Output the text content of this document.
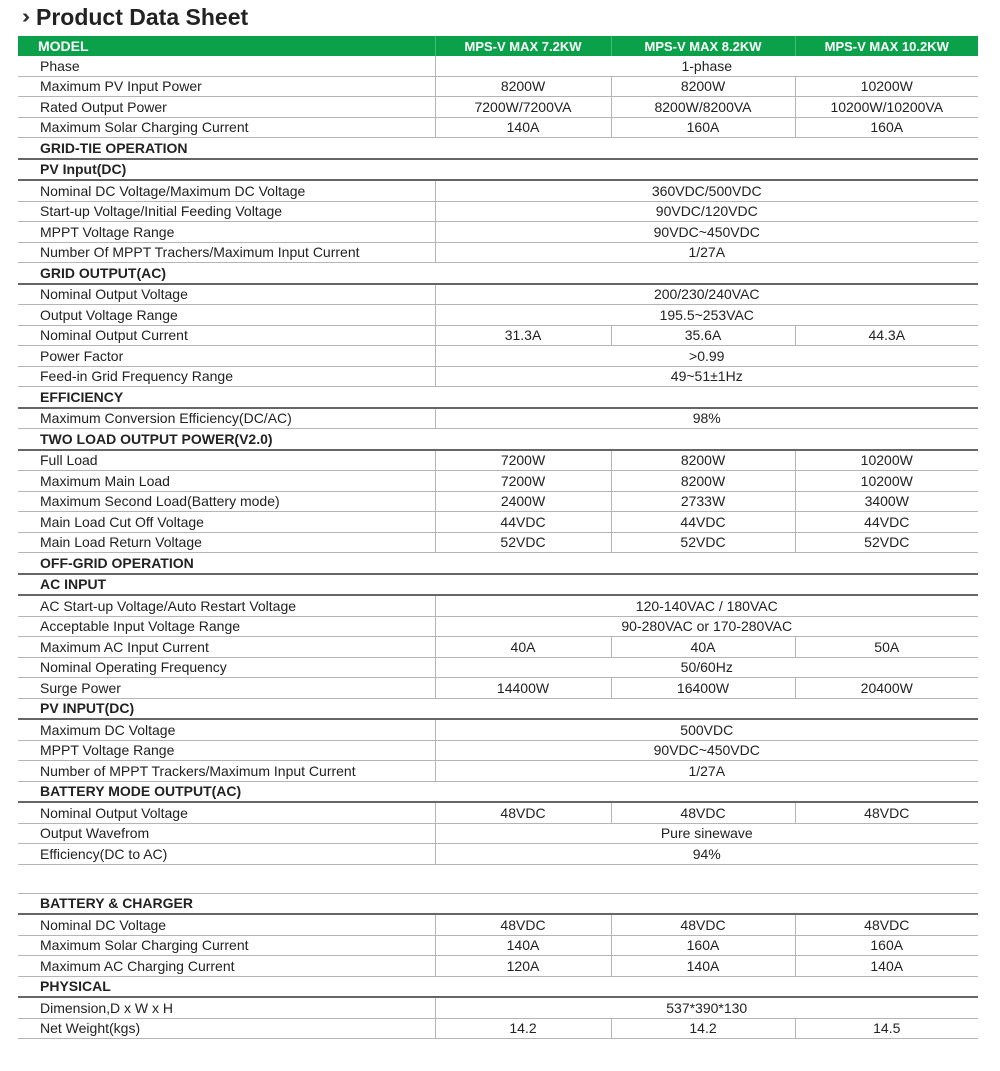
››› Product Data Sheet
MODEL	MPS-V MAX 7.2KW	MPS-V MAX 8.2KW	MPS-V MAX 10.2KW
Phase	1-phase		
Maximum PV Input Power	8200W	8200W	10200W
Rated Output Power	7200W/7200VA	8200W/8200VA	10200W/10200VA
Maximum Solar Charging Current	140A	160A	160A
GRID-TIE OPERATION			
PV Input(DC)			
Nominal DC Voltage/Maximum DC Voltage	360VDC/500VDC		
Start-up Voltage/Initial Feeding Voltage	90VDC/120VDC		
MPPT Voltage Range	90VDC~450VDC		
Number Of MPPT Trachers/Maximum Input Current	1/27A		
GRID OUTPUT(AC)			
Nominal Output Voltage	200/230/240VAC		
Output Voltage Range	195.5~253VAC		
Nominal Output Current	31.3A	35.6A	44.3A
Power Factor	>0.99		
Feed-in Grid Frequency Range	49~51±1Hz		
EFFICIENCY			
Maximum Conversion Efficiency(DC/AC)	98%		
TWO LOAD OUTPUT POWER(V2.0)			
Full Load	7200W	8200W	10200W
Maximum Main Load	7200W	8200W	10200W
Maximum Second Load(Battery mode)	2400W	2733W	3400W
Main Load Cut Off Voltage	44VDC	44VDC	44VDC
Main Load Return Voltage	52VDC	52VDC	52VDC
OFF-GRID OPERATION			
AC INPUT			
AC Start-up Voltage/Auto Restart Voltage	120-140VAC / 180VAC		
Acceptable Input Voltage Range	90-280VAC or 170-280VAC		
Maximum AC Input Current	40A	40A	50A
Nominal Operating Frequency	50/60Hz		
Surge Power	14400W	16400W	20400W
PV INPUT(DC)			
Maximum DC Voltage	500VDC		
MPPT Voltage Range	90VDC~450VDC		
Number of MPPT Trackers/Maximum Input Current	1/27A		
BATTERY MODE OUTPUT(AC)			
Nominal Output Voltage	48VDC	48VDC	48VDC
Output Wavefrom	Pure sinewave		
Efficiency(DC to AC)	94%		

BATTERY & CHARGER			
Nominal DC Voltage	48VDC	48VDC	48VDC
Maximum Solar Charging Current	140A	160A	160A
Maximum AC Charging Current	120A	140A	140A
PHYSICAL			
Dimension,D x W x H	537*390*130		
Net Weight(kgs)	14.2	14.2	14.5
